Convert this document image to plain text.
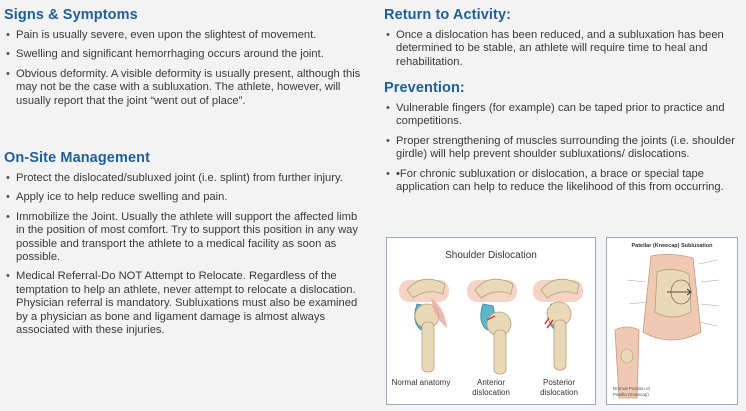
Signs & Symptoms
• Pain is usually severe, even upon the slightest of movement.
• Swelling and significant hemorrhaging occurs around the joint.
• Obvious deformity. A visible deformity is usually present, although this may not be the case with a subluxation. The athlete, however, will usually report that the joint “went out of place”.
On-Site Management
• Protect the dislocated/subluxed joint (i.e. splint) from further injury.
• Apply ice to help reduce swelling and pain.
• Immobilize the Joint. Usually the athlete will support the affected limb in the position of most comfort. Try to support this position in any way possible and transport the athlete to a medical facility as soon as possible.
• Medical Referral-Do NOT Attempt to Relocate. Regardless of the temptation to help an athlete, never attempt to relocate a dislocation. Physician referral is mandatory. Subluxations must also be examined by a physician as bone and ligament damage is almost always associated with these injuries.
Return to Activity:
• Once a dislocation has been reduced, and a subluxation has been determined to be stable, an athlete will require time to heal and rehabilitation.
Prevention:
• Vulnerable fingers (for example) can be taped prior to practice and competitions.
• Proper strengthening of muscles surrounding the joints (i.e. shoulder girdle) will help prevent shoulder subluxations/ dislocations.
• •For chronic subluxation or dislocation, a brace or special tape application can help to reduce the likelihood of this from occurring.
Shoulder Dislocation
Normal anatomy	Anterior dislocation
Posterior dislocation
Patellar (Kneecap) Subluxation
Normal Position of Patella (Kneecap)
